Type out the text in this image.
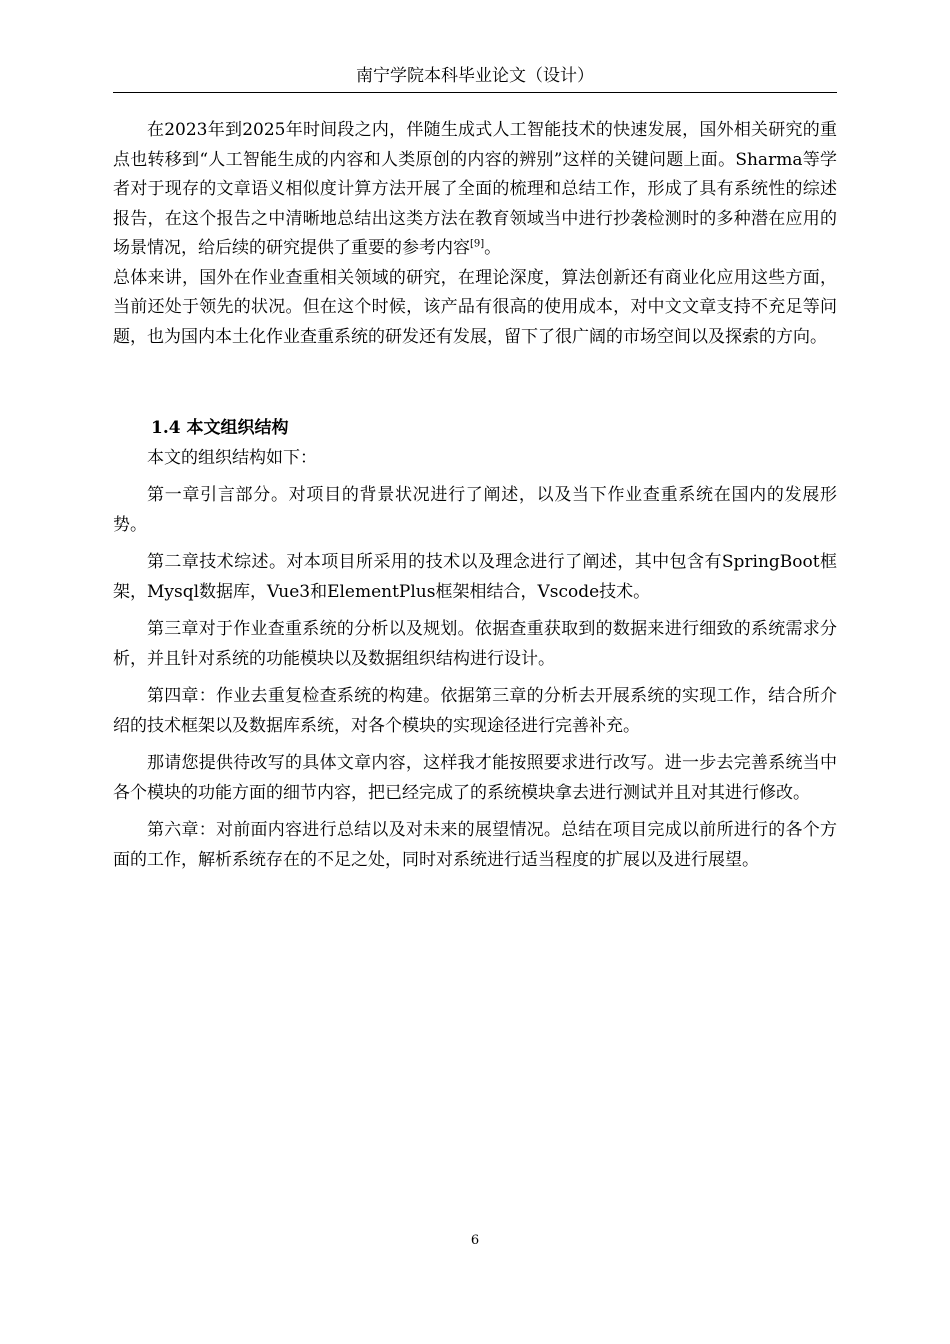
南宁学院本科毕业论文（设计）

在2023年到2025年时间段之内，伴随生成式人工智能技术的快速发展，国外相关研究的重点也转移到“人工智能生成的内容和人类原创的内容的辨别”这样的关键问题上面。Sharma等学者对于现存的文章语义相似度计算方法开展了全面的梳理和总结工作，形成了具有系统性的综述报告，在这个报告之中清晰地总结出这类方法在教育领域当中进行抄袭检测时的多种潜在应用的场景情况，给后续的研究提供了重要的参考内容[9]。

总体来讲，国外在作业查重相关领域的研究，在理论深度，算法创新还有商业化应用这些方面，当前还处于领先的状况。但在这个时候，该产品有很高的使用成本，对中文文章支持不充足等问题，也为国内本土化作业查重系统的研发还有发展，留下了很广阔的市场空间以及探索的方向。

1.4 本文组织结构

本文的组织结构如下：

第一章引言部分。对项目的背景状况进行了阐述，以及当下作业查重系统在国内的发展形势。

第二章技术综述。对本项目所采用的技术以及理念进行了阐述，其中包含有SpringBoot框架，Mysql数据库，Vue3和ElementPlus框架相结合，Vscode技术。

第三章对于作业查重系统的分析以及规划。依据查重获取到的数据来进行细致的系统需求分析，并且针对系统的功能模块以及数据组织结构进行设计。

第四章：作业去重复检查系统的构建。依据第三章的分析去开展系统的实现工作，结合所介绍的技术框架以及数据库系统，对各个模块的实现途径进行完善补充。

那请您提供待改写的具体文章内容，这样我才能按照要求进行改写。进一步去完善系统当中各个模块的功能方面的细节内容，把已经完成了的系统模块拿去进行测试并且对其进行修改。

第六章：对前面内容进行总结以及对未来的展望情况。总结在项目完成以前所进行的各个方面的工作，解析系统存在的不足之处，同时对系统进行适当程度的扩展以及进行展望。

6
